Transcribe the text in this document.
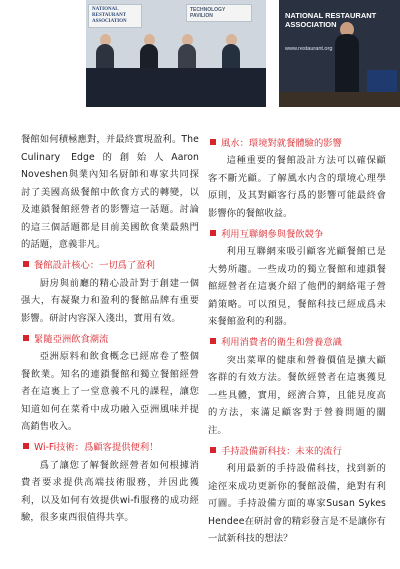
NATIONAL RESTAURANT ASSOCIATION
TECHNOLOGY PAVILION	NATIONAL RESTAURANT ASSOCIATION
www.restaurant.org

餐館如何積極應對，并最終實現盈利。The Culinary Edge的創始人Aaron Noveshen與業內知名厨師和專家共同探討了美國高級餐館中飲食方式的轉變，以及連鎖餐館經營者的影響這一話題。討論的這三個話題都是目前美國飲食業最熱門的話題，意義非凡。

餐館設計核心：一切爲了盈利

厨房與前廳的精心設計對于創建一個强大，有凝聚力和盈利的餐館品牌有重要影響。研討内容深入淺出，實用有效。

緊隨亞洲飲食潮流

亞洲原料和飲食概念已經席卷了整個餐飲業。知名的連鎖餐館和獨立餐館經營者在這裏上了一堂意義不凡的課程，讓您知道如何在菜肴中成功融入亞洲風味并提高銷售收入。

Wi-Fi技術：爲顧客提供便利！

爲了讓您了解餐飲經營者如何根據消費者要求提供高端技術服務，并因此獲利，以及如何有效提供wi-fi服務的成功經驗，很多東西很值得共享。

風水：環境對就餐體驗的影響

這種重要的餐館設計方法可以確保顧客不斷光顧。了解風水内含的環境心理學原則，及其對顧客行爲的影響可能最終會影響你的餐館收益。

利用互聯網參與餐飲競争

利用互聯網來吸引顧客光顧餐館已是大勢所趨。一些成功的獨立餐館和連鎖餐館經營者在這裏介紹了他們的網絡電子營銷策略。可以預見，餐館科技已經成爲未來餐館盈利的利器。

利用消費者的衛生和營養意識

突出菜單的健康和營養價值是擴大顧客群的有效方法。餐飲經營者在這裏獲見一些具體，實用，經濟合算，且能見度高的方法，來滿足顧客對于營養問題的關注。

手持設備新科技：未來的流行

利用最新的手持設備科技，找到新的途徑來成功更新你的餐館設備，絶對有利可圖。手持設備方面的專家Susan Sykes Hendee在研討會的精彩發言是不是讓你有一試新科技的想法？
